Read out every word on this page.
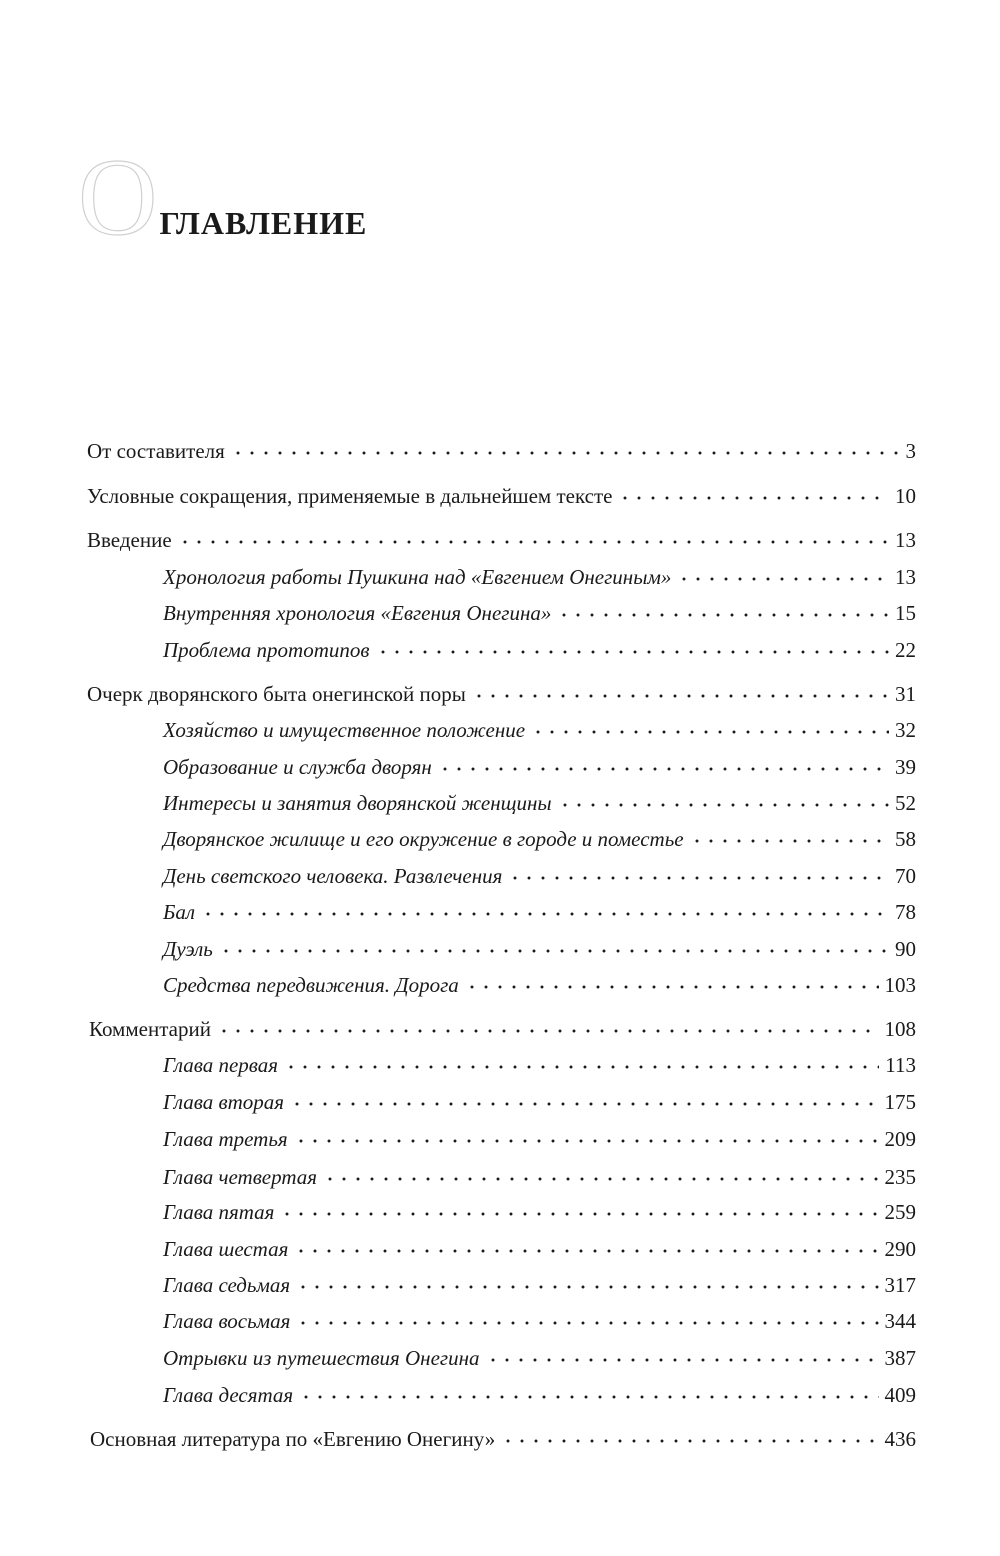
О главление
От составителя	3
Условные сокращения, применяемые в дальнейшем тексте	10
Введение	13
Хронология работы Пушкина над «Евгением Онегиным»	13
Внутренняя хронология «Евгения Онегина»	15
Проблема прототипов	22
Очерк дворянского быта онегинской поры	31
Хозяйство и имущественное положение	32
Образование и служба дворян	39
Интересы и занятия дворянской женщины	52
Дворянское жилище и его окружение в городе и поместье	58
День светского человека. Развлечения	70
Бал	78
Дуэль	90
Средства передвижения. Дорога	103
Комментарий	108
Глава первая	113
Глава вторая	175
Глава третья	209
Глава четвертая	235
Глава пятая	259
Глава шестая	290
Глава седьмая	317
Глава восьмая	344
Отрывки из путешествия Онегина	387
Глава десятая	409
Основная литература по «Евгению Онегину»	436
